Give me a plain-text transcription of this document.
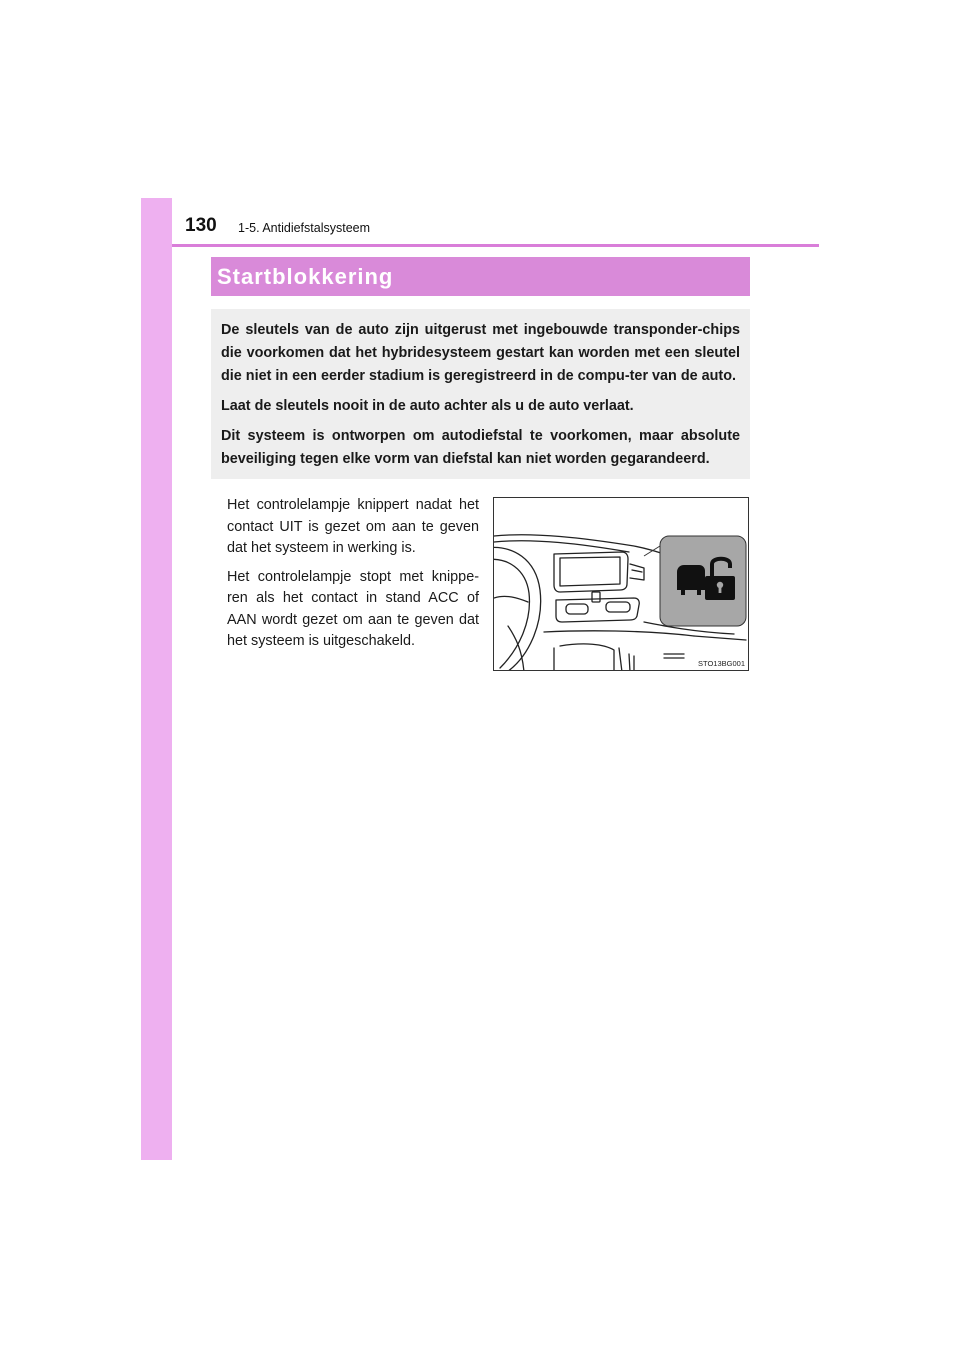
130 1-5. Antidiefstalsysteem
Startblokkering

De sleutels van de auto zijn uitgerust met ingebouwde transponder-chips die voorkomen dat het hybridesysteem gestart kan worden met een sleutel die niet in een eerder stadium is geregistreerd in de compu-ter van de auto.

Laat de sleutels nooit in de auto achter als u de auto verlaat.

Dit systeem is ontworpen om autodiefstal te voorkomen, maar absolute beveiliging tegen elke vorm van diefstal kan niet worden gegarandeerd.

Het controlelampje knippert nadat het contact UIT is gezet om aan te geven dat het systeem in werking is.

Het controlelampje stopt met knippe-ren als het contact in stand ACC of AAN wordt gezet om aan te geven dat het systeem is uitgeschakeld.

STO13BG001
